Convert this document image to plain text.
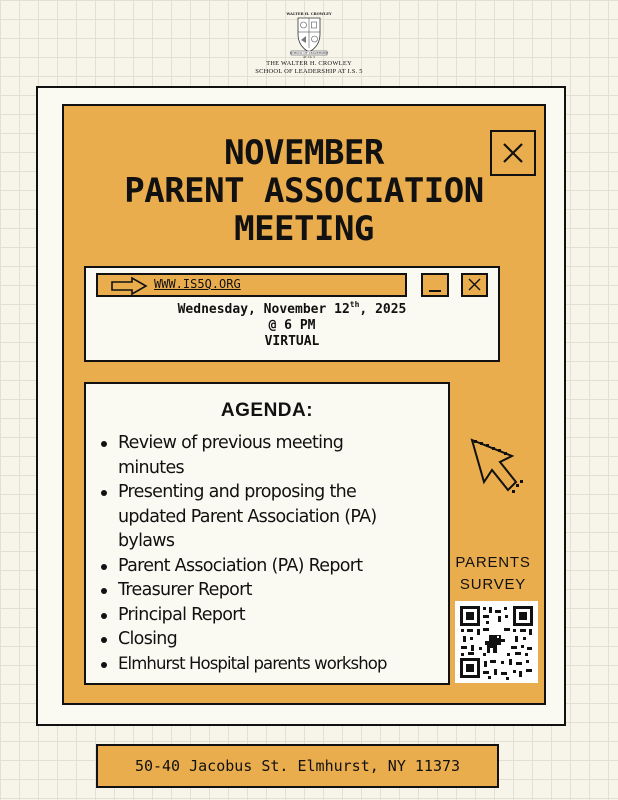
WALTER H. CROWLEY
SCHOOL OF LEADERSHIP
AT I.S. 5
THE WALTER H. CROWLEY
SCHOOL OF LEADERSHIP AT I.S. 5
NOVEMBER
PARENT ASSOCIATION
MEETING
WWW.IS5Q.ORG
Wednesday, November 12th, 2025
@ 6 PM
VIRTUAL
AGENDA:
Review of previous meeting
minutes
Presenting and proposing the
updated Parent Association (PA)
bylaws
Parent Association (PA) Report
Treasurer Report
Principal Report
Closing
Elmhurst Hospital parents workshop
PARENTS
SURVEY
50-40 Jacobus St. Elmhurst, NY 11373
